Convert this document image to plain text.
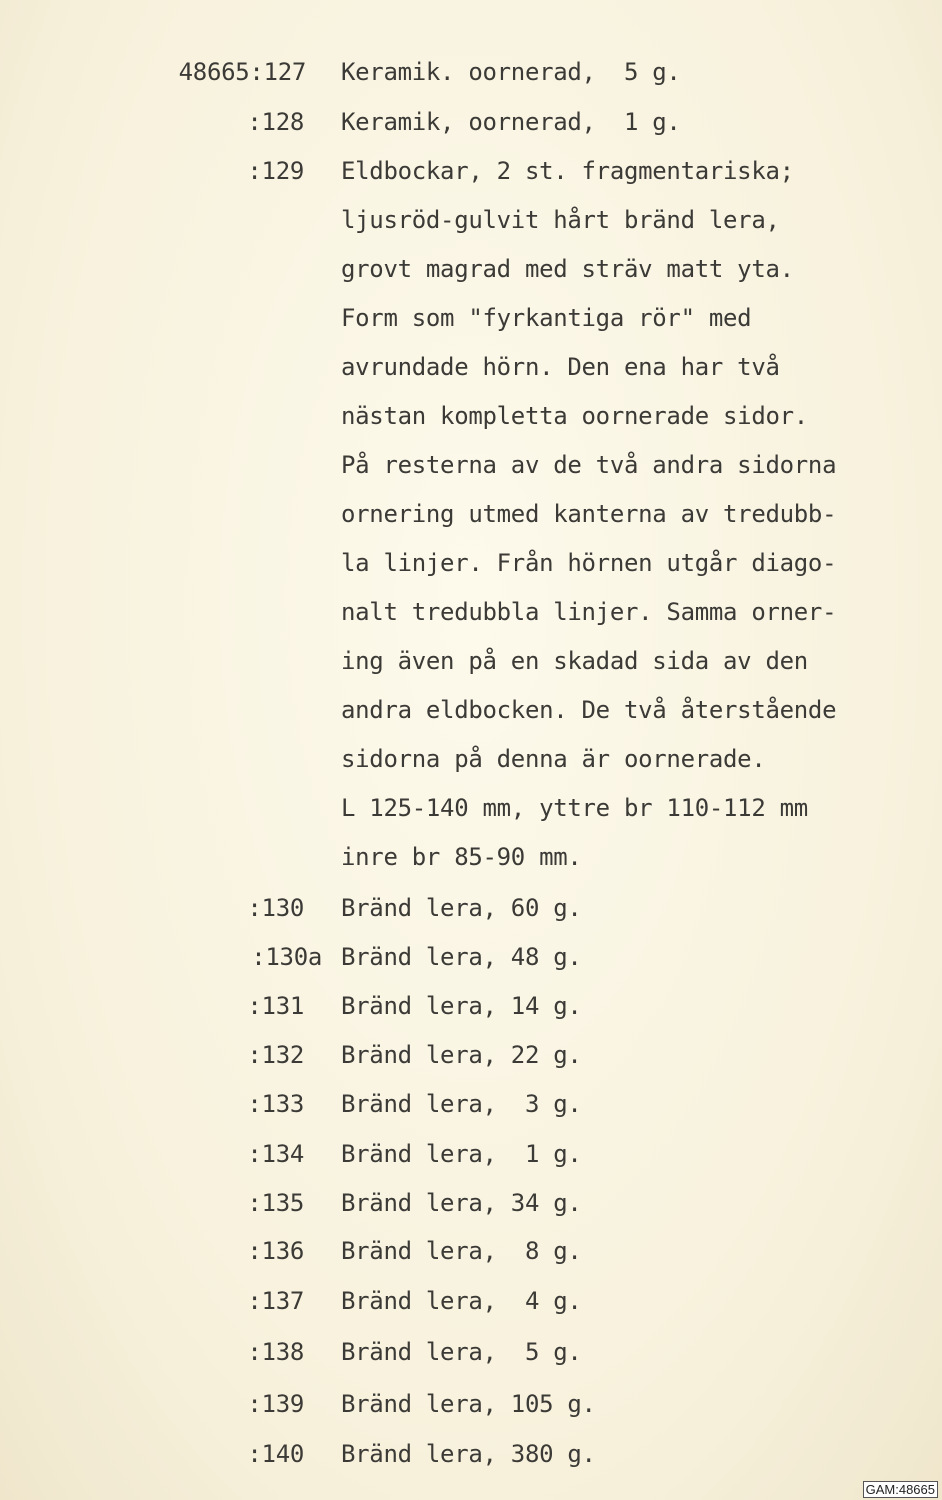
48665:127 Keramik. oornerad,  5 g.
:128 Keramik, oornerad,  1 g.
:129 Eldbockar, 2 st. fragmentariska;
ljusröd-gulvit hårt bränd lera,
grovt magrad med sträv matt yta.
Form som "fyrkantiga rör" med
avrundade hörn. Den ena har två
nästan kompletta oornerade sidor.
På resterna av de två andra sidorna
ornering utmed kanterna av tredubb-
la linjer. Från hörnen utgår diago-
nalt tredubbla linjer. Samma orner-
ing även på en skadad sida av den
andra eldbocken. De två återstående
sidorna på denna är oornerade.
L 125-140 mm, yttre br 110-112 mm
inre br 85-90 mm.
:130 Bränd lera, 60 g.
:130a Bränd lera, 48 g.
:131 Bränd lera, 14 g.
:132 Bränd lera, 22 g.
:133 Bränd lera,  3 g.
:134 Bränd lera,  1 g.
:135 Bränd lera, 34 g.
:136 Bränd lera,  8 g.
:137 Bränd lera,  4 g.
:138 Bränd lera,  5 g.
:139 Bränd lera, 105 g.
:140 Bränd lera, 380 g.
GAM:48665
